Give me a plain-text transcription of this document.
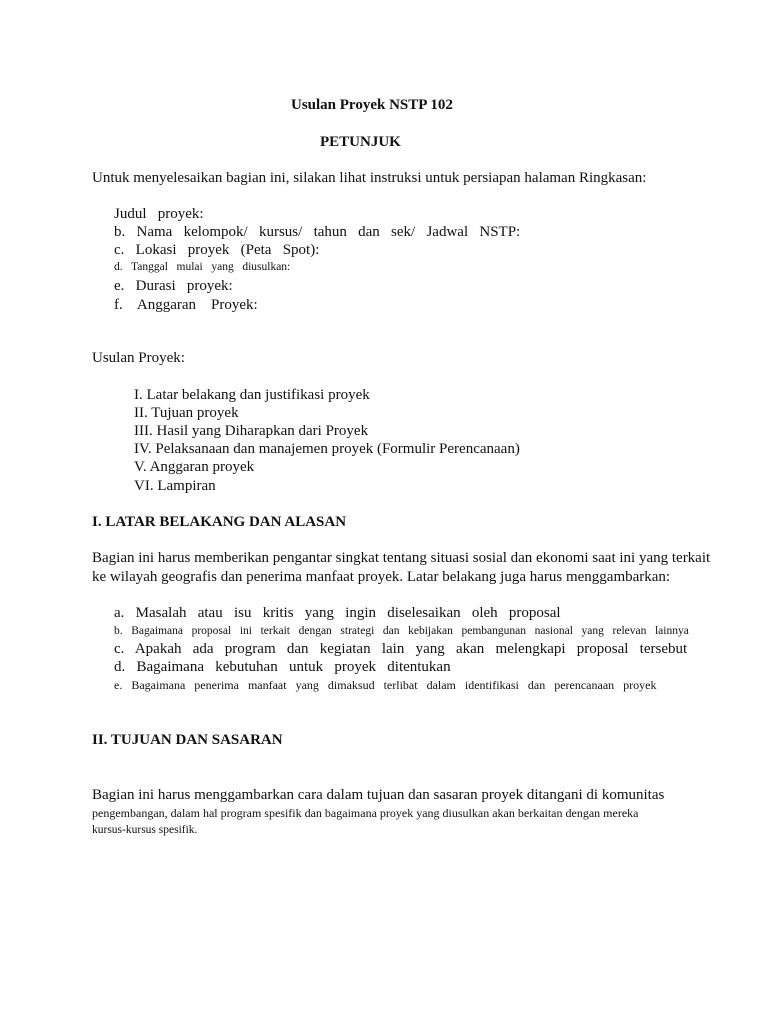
Usulan Proyek NSTP 102
PETUNJUK
Untuk menyelesaikan bagian ini, silakan lihat instruksi untuk persiapan halaman Ringkasan:
Judul   proyek:
b.   Nama   kelompok/   kursus/   tahun   dan   sek/   Jadwal   NSTP:
c.   Lokasi   proyek   (Peta   Spot):
d.   Tanggal   mulai   yang   diusulkan:
e.   Durasi   proyek:
f.    Anggaran    Proyek:
Usulan Proyek:
I. Latar belakang dan justifikasi proyek
II. Tujuan proyek
III. Hasil yang Diharapkan dari Proyek
IV. Pelaksanaan dan manajemen proyek (Formulir Perencanaan)
V. Anggaran proyek
VI. Lampiran
I. LATAR BELAKANG DAN ALASAN
Bagian ini harus memberikan pengantar singkat tentang situasi sosial dan ekonomi saat ini yang terkait
ke wilayah geografis dan penerima manfaat proyek. Latar belakang juga harus menggambarkan:
a.   Masalah   atau   isu   kritis   yang   ingin   diselesaikan   oleh   proposal
b.   Bagaimana   proposal   ini   terkait   dengan   strategi   dan   kebijakan   pembangunan   nasional   yang   relevan   lainnya
c.   Apakah   ada   program   dan   kegiatan   lain   yang   akan   melengkapi   proposal   tersebut
d.   Bagaimana   kebutuhan   untuk   proyek   ditentukan
e.   Bagaimana   penerima   manfaat   yang   dimaksud   terlibat   dalam   identifikasi   dan   perencanaan   proyek
II. TUJUAN DAN SASARAN
Bagian ini harus menggambarkan cara dalam tujuan dan sasaran proyek ditangani di komunitas
pengembangan, dalam hal program spesifik dan bagaimana proyek yang diusulkan akan berkaitan dengan mereka
kursus-kursus spesifik.
